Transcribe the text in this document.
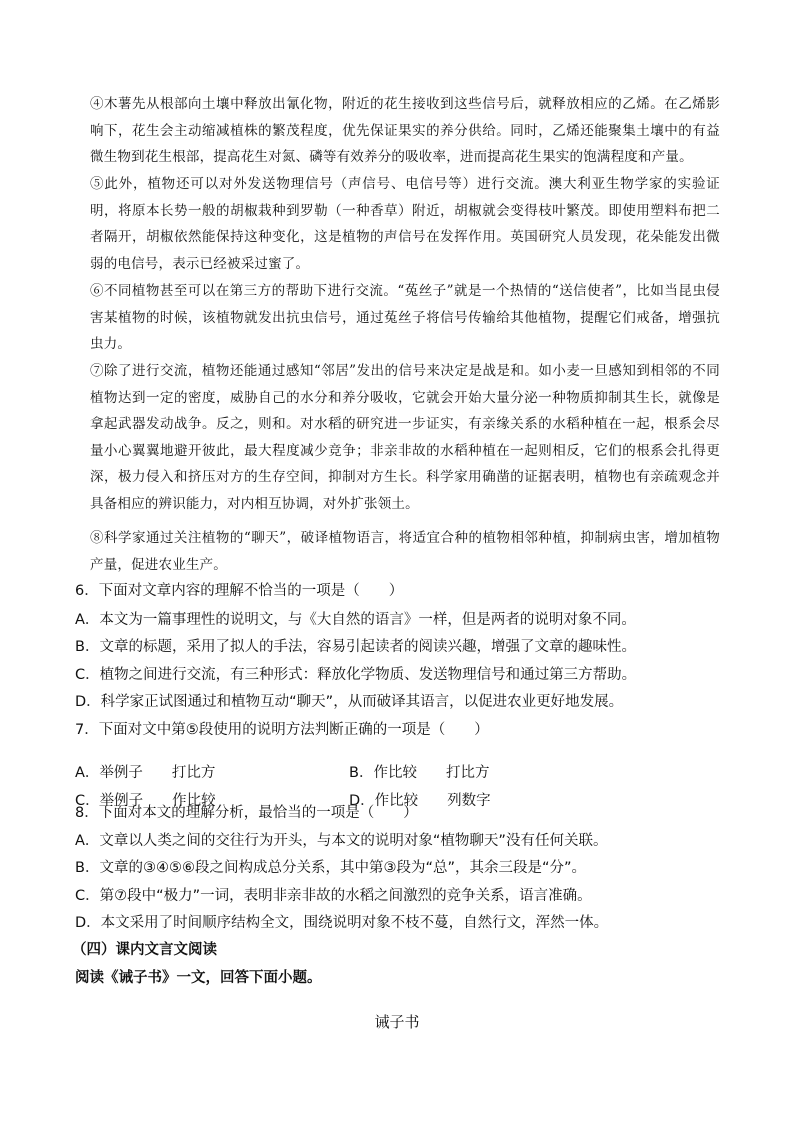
④木薯先从根部向土壤中释放出氰化物，附近的花生接收到这些信号后，就释放相应的乙烯。在乙烯影响下，花生会主动缩减植株的繁茂程度，优先保证果实的养分供给。同时，乙烯还能聚集土壤中的有益微生物到花生根部，提高花生对氮、磷等有效养分的吸收率，进而提高花生果实的饱满程度和产量。

⑤此外，植物还可以对外发送物理信号（声信号、电信号等）进行交流。澳大利亚生物学家的实验证明，将原本长势一般的胡椒栽种到罗勒（一种香草）附近，胡椒就会变得枝叶繁茂。即使用塑料布把二者隔开，胡椒依然能保持这种变化，这是植物的声信号在发挥作用。英国研究人员发现，花朵能发出微弱的电信号，表示已经被采过蜜了。

⑥不同植物甚至可以在第三方的帮助下进行交流。“菟丝子”就是一个热情的“送信使者”，比如当昆虫侵害某植物的时候，该植物就发出抗虫信号，通过菟丝子将信号传输给其他植物，提醒它们戒备，增强抗虫力。

⑦除了进行交流，植物还能通过感知“邻居”发出的信号来决定是战是和。如小麦一旦感知到相邻的不同植物达到一定的密度，威胁自己的水分和养分吸收，它就会开始大量分泌一种物质抑制其生长，就像是拿起武器发动战争。反之，则和。对水稻的研究进一步证实，有亲缘关系的水稻种植在一起，根系会尽量小心翼翼地避开彼此，最大程度减少竞争；非亲非故的水稻种植在一起则相反，它们的根系会扎得更深，极力侵入和挤压对方的生存空间，抑制对方生长。科学家用确凿的证据表明，植物也有亲疏观念并具备相应的辨识能力，对内相互协调，对外扩张领土。

⑧科学家通过关注植物的“聊天”，破译植物语言，将适宜合种的植物相邻种植，抑制病虫害，增加植物产量，促进农业生产。

6．下面对文章内容的理解不恰当的一项是（　　）

A．本文为一篇事理性的说明文，与《大自然的语言》一样，但是两者的说明对象不同。

B．文章的标题，采用了拟人的手法，容易引起读者的阅读兴趣，增强了文章的趣味性。

C．植物之间进行交流，有三种形式：释放化学物质、发送物理信号和通过第三方帮助。

D．科学家正试图通过和植物互动“聊天”，从而破译其语言，以促进农业更好地发展。

7．下面对文中第⑤段使用的说明方法判断正确的一项是（　　）

A．举例子　　打比方	B．作比较　　打比方

C．举例子　　作比较	D．作比较　　列数字

8．下面对本文的理解分析，最恰当的一项是（　　）

A．文章以人类之间的交往行为开头，与本文的说明对象“植物聊天”没有任何关联。

B．文章的③④⑤⑥段之间构成总分关系，其中第③段为“总”，其余三段是“分”。

C．第⑦段中“极力”一词，表明非亲非故的水稻之间激烈的竞争关系，语言准确。

D．本文采用了时间顺序结构全文，围绕说明对象不枝不蔓，自然行文，浑然一体。

（四）课内文言文阅读

阅读《诫子书》一文，回答下面小题。

诫子书
